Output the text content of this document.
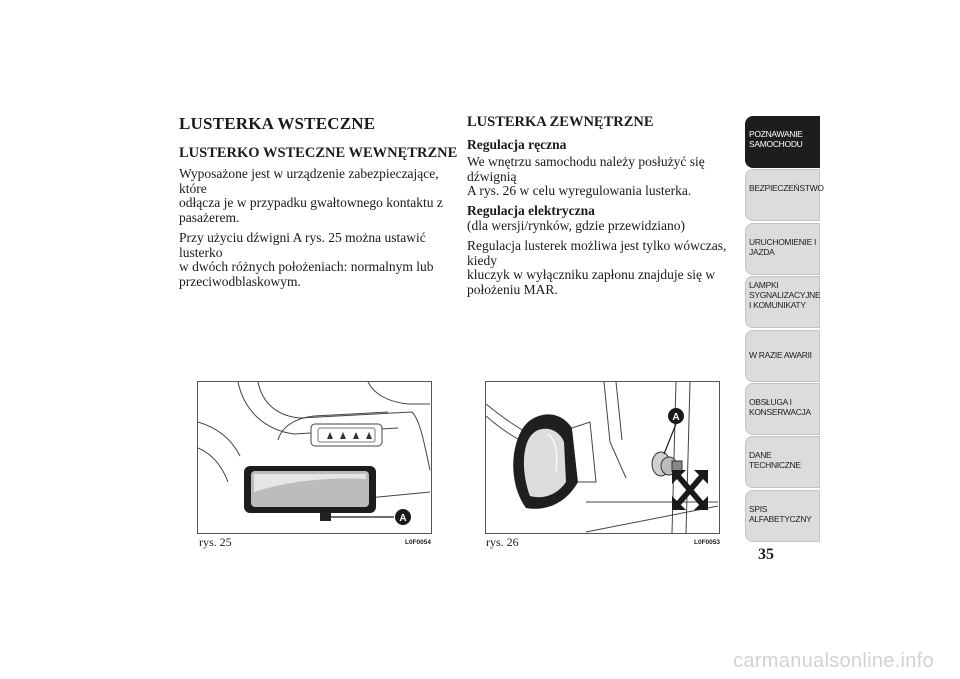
LUSTERKA WSTECZNE
LUSTERKO WSTECZNE WEWNĘTRZNE
Wyposażone jest w urządzenie zabezpieczające, które
odłącza je w przypadku gwałtownego kontaktu z
pasażerem.
Przy użyciu dźwigni A rys. 25 można ustawić lusterko
w dwóch różnych położeniach: normalnym lub
przeciwodblaskowym.
LUSTERKA ZEWNĘTRZNE
Regulacja ręczna
We wnętrzu samochodu należy posłużyć się dźwignią
A rys. 26 w celu wyregulowania lusterka.
Regulacja elektryczna
(dla wersji/rynków, gdzie przewidziano)
Regulacja lusterek możliwa jest tylko wówczas, kiedy
kluczyk w wyłączniku zapłonu znajduje się w
położeniu MAR.
A
rys. 25	L0F0054
A
rys. 26	L0F0053
POZNAWANIE
SAMOCHODU
BEZPIECZEŃSTWO
URUCHOMIENIE I
JAZDA
LAMPKI
SYGNALIZACYJNE
I KOMUNIKATY
W RAZIE AWARII
OBSŁUGA I
KONSERWACJA
DANE
TECHNICZNE
SPIS
ALFABETYCZNY
35
carmanualsonline.info
